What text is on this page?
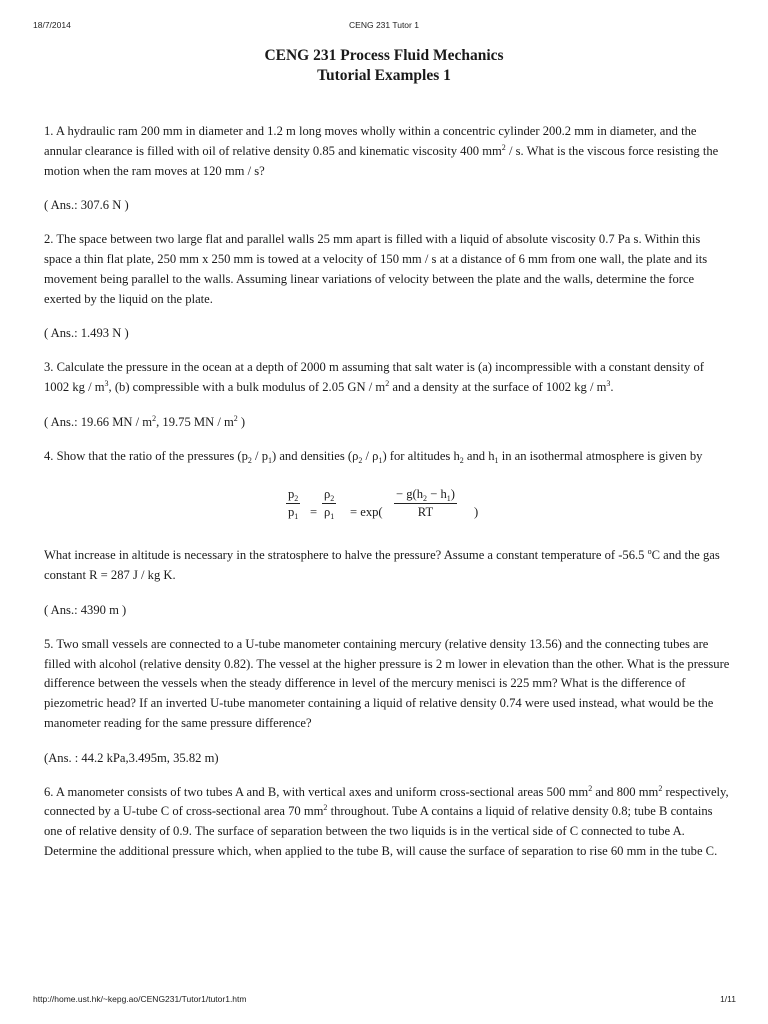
18/7/2014	CENG 231 Tutor 1
CENG 231 Process Fluid Mechanics
Tutorial Examples 1

1. A hydraulic ram 200 mm in diameter and 1.2 m long moves wholly within a concentric cylinder 200.2 mm in diameter, and the annular clearance is filled with oil of relative density 0.85 and kinematic viscosity 400 $mm^2$ / s. What is the viscous force resisting the motion when the ram moves at 120 mm / s?

( Ans.: 307.6 N )

2. The space between two large flat and parallel walls 25 mm apart is filled with a liquid of absolute viscosity 0.7 Pa s. Within this space a thin flat plate, 250 mm x 250 mm is towed at a velocity of 150 mm / s at a distance of 6 mm from one wall, the plate and its movement being parallel to the walls. Assuming linear variations of velocity between the plate and the walls, determine the force exerted by the liquid on the plate.

( Ans.: 1.493 N )

3. Calculate the pressure in the ocean at a depth of 2000 m assuming that salt water is (a) incompressible with a constant density of 1002 kg / $m^3$, (b) compressible with a bulk modulus of 2.05 GN / $m^2$ and a density at the surface of 1002 kg / $m^3$.

( Ans.: 19.66 MN / $m^2$, 19.75 MN / $m^2$ )

4. Show that the ratio of the pressures $(p_2 / p_1)$ and densities $(\rho_2 / \rho_1)$ for altitudes $h_2$ and $h_1$ in an isothermal atmosphere is given by

$\frac{p_2}{p_1} = \frac{\rho_2}{\rho_1} = \exp( \frac{- g(h_2 - h_1)}{RT}$ )

What increase in altitude is necessary in the stratosphere to halve the pressure? Assume a constant temperature of -56.5 $^o$C and the gas constant R = 287 J / kg K.

( Ans.: 4390 m )

5. Two small vessels are connected to a U-tube manometer containing mercury (relative density 13.56) and the connecting tubes are filled with alcohol (relative density 0.82). The vessel at the higher pressure is 2 m lower in elevation than the other. What is the pressure difference between the vessels when the steady difference in level of the mercury menisci is 225 mm? What is the difference of piezometric head? If an inverted U-tube manometer containing a liquid of relative density 0.74 were used instead, what would be the manometer reading for the same pressure difference?

(Ans. : 44.2 kPa,3.495m, 35.82 m)

6. A manometer consists of two tubes A and B, with vertical axes and uniform cross-sectional areas 500 $mm^2$ and 800 $mm^2$ respectively, connected by a U-tube C of cross-sectional area 70 $mm^2$ throughout. Tube A contains a liquid of relative density 0.8; tube B contains one of relative density of 0.9. The surface of separation between the two liquids is in the vertical side of C connected to tube A. Determine the additional pressure which, when applied to the tube B, will cause the surface of separation to rise 60 mm in the tube C.

http://home.ust.hk/~kepg.ao/CENG231/Tutor1/tutor1.htm	1/11
